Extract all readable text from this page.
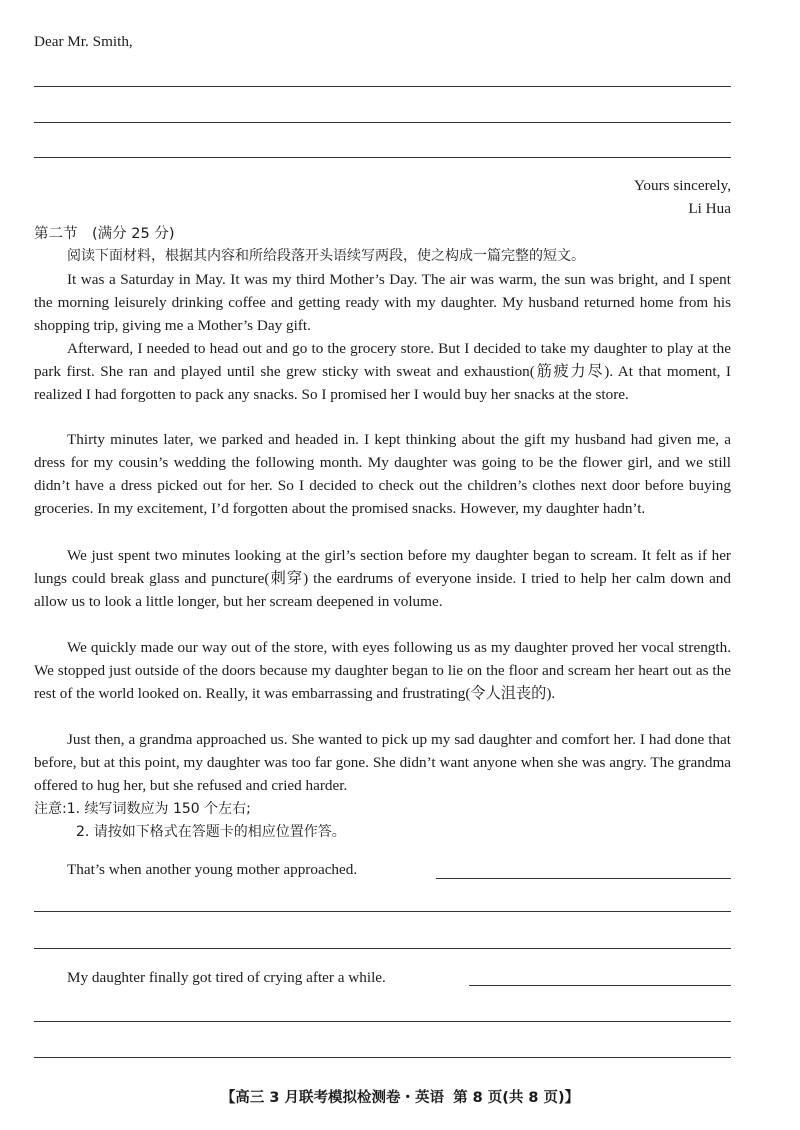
Dear Mr. Smith,
Yours sincerely,
Li Hua
第二节　(满分 25 分)
阅读下面材料，根据其内容和所给段落开头语续写两段，使之构成一篇完整的短文。
It was a Saturday in May. It was my third Mother’s Day. The air was warm, the sun was bright, and I spent the morning leisurely drinking coffee and getting ready with my daughter. My husband returned home from his shopping trip, giving me a Mother’s Day gift.
Afterward, I needed to head out and go to the grocery store. But I decided to take my daughter to play at the park first. She ran and played until she grew sticky with sweat and exhaustion(筋疲力尽). At that moment, I realized I had forgotten to pack any snacks. So I promised her I would buy her snacks at the store.
Thirty minutes later, we parked and headed in. I kept thinking about the gift my husband had given me, a dress for my cousin’s wedding the following month. My daughter was going to be the flower girl, and we still didn’t have a dress picked out for her. So I decided to check out the children’s clothes next door before buying groceries. In my excitement, I’d forgotten about the promised snacks. However, my daughter hadn’t.
We just spent two minutes looking at the girl’s section before my daughter began to scream. It felt as if her lungs could break glass and puncture(刺穿) the eardrums of everyone inside. I tried to help her calm down and allow us to look a little longer, but her scream deepened in volume.
We quickly made our way out of the store, with eyes following us as my daughter proved her vocal strength. We stopped just outside of the doors because my daughter began to lie on the floor and scream her heart out as the rest of the world looked on. Really, it was embarrassing and frustrating(令人沮丧的).
Just then, a grandma approached us. She wanted to pick up my sad daughter and comfort her. I had done that before, but at this point, my daughter was too far gone. She didn’t want anyone when she was angry. The grandma offered to hug her, but she refused and cried harder.
注意:1. 续写词数应为 150 个左右;
2. 请按如下格式在答题卡的相应位置作答。
That’s when another young mother approached.
My daughter finally got tired of crying after a while.
【高三 3 月联考模拟检测卷・英语 第 8 页(共 8 页)】
